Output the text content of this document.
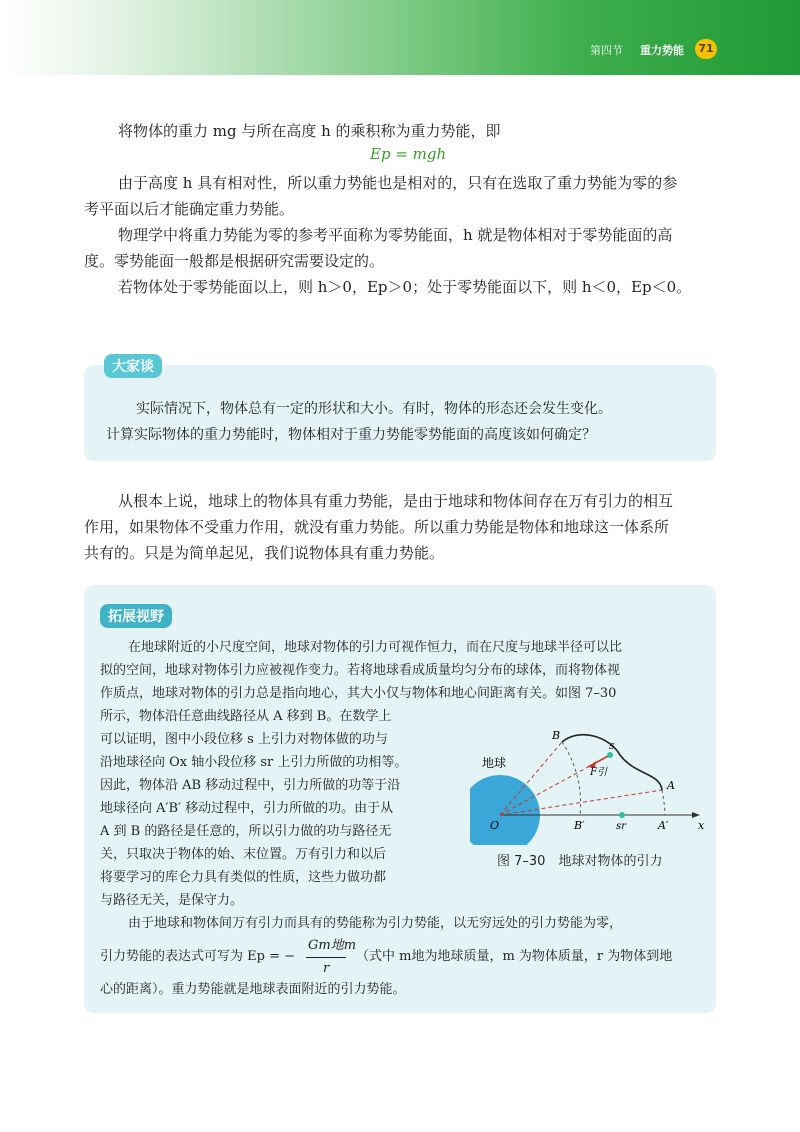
第四节 重力势能	71

将物体的重力 mg 与所在高度 h 的乘积称为重力势能，即

Ep = mgh

由于高度 h 具有相对性，所以重力势能也是相对的，只有在选取了重力势能为零的参

考平面以后才能确定重力势能。

物理学中将重力势能为零的参考平面称为零势能面，h 就是物体相对于零势能面的高

度。零势能面一般都是根据研究需要设定的。

若物体处于零势能面以上，则 h＞0，Ep＞0；处于零势能面以下，则 h＜0，Ep＜0。

大家谈

实际情况下，物体总有一定的形状和大小。有时，物体的形态还会发生变化。

计算实际物体的重力势能时，物体相对于重力势能零势能面的高度该如何确定？

从根本上说，地球上的物体具有重力势能，是由于地球和物体间存在万有引力的相互

作用，如果物体不受重力作用，就没有重力势能。所以重力势能是物体和地球这一体系所

共有的。只是为简单起见，我们说物体具有重力势能。

拓展视野

在地球附近的小尺度空间，地球对物体的引力可视作恒力，而在尺度与地球半径可以比

拟的空间，地球对物体引力应被视作变力。若将地球看成质量均匀分布的球体，而将物体视

作质点，地球对物体的引力总是指向地心，其大小仅与物体和地心间距离有关。如图 7–30

所示，物体沿任意曲线路径从 A 移到 B。在数学上

可以证明，图中小段位移 s 上引力对物体做的功与

沿地球径向 Ox 轴小段位移 sr 上引力所做的功相等。

因此，物体沿 AB 移动过程中，引力所做的功等于沿

地球径向 A′B′ 移动过程中，引力所做的功。由于从

A 到 B 的路径是任意的，所以引力做的功与路径无

关，只取决于物体的始、末位置。万有引力和以后

将要学习的库仑力具有类似的性质，这些力做功都

与路径无关，是保守力。

由于地球和物体间万有引力而具有的势能称为引力势能，以无穷远处的引力势能为零，

引力势能的表达式可写为 Ep = −

Gm地m
r

（式中 m地为地球质量，m 为物体质量，r 为物体到地

心的距离）。重力势能就是地球表面附近的引力势能。

地球
B
s
A
F引
O	B′	sr	A′	x
图 7–30　地球对物体的引力
